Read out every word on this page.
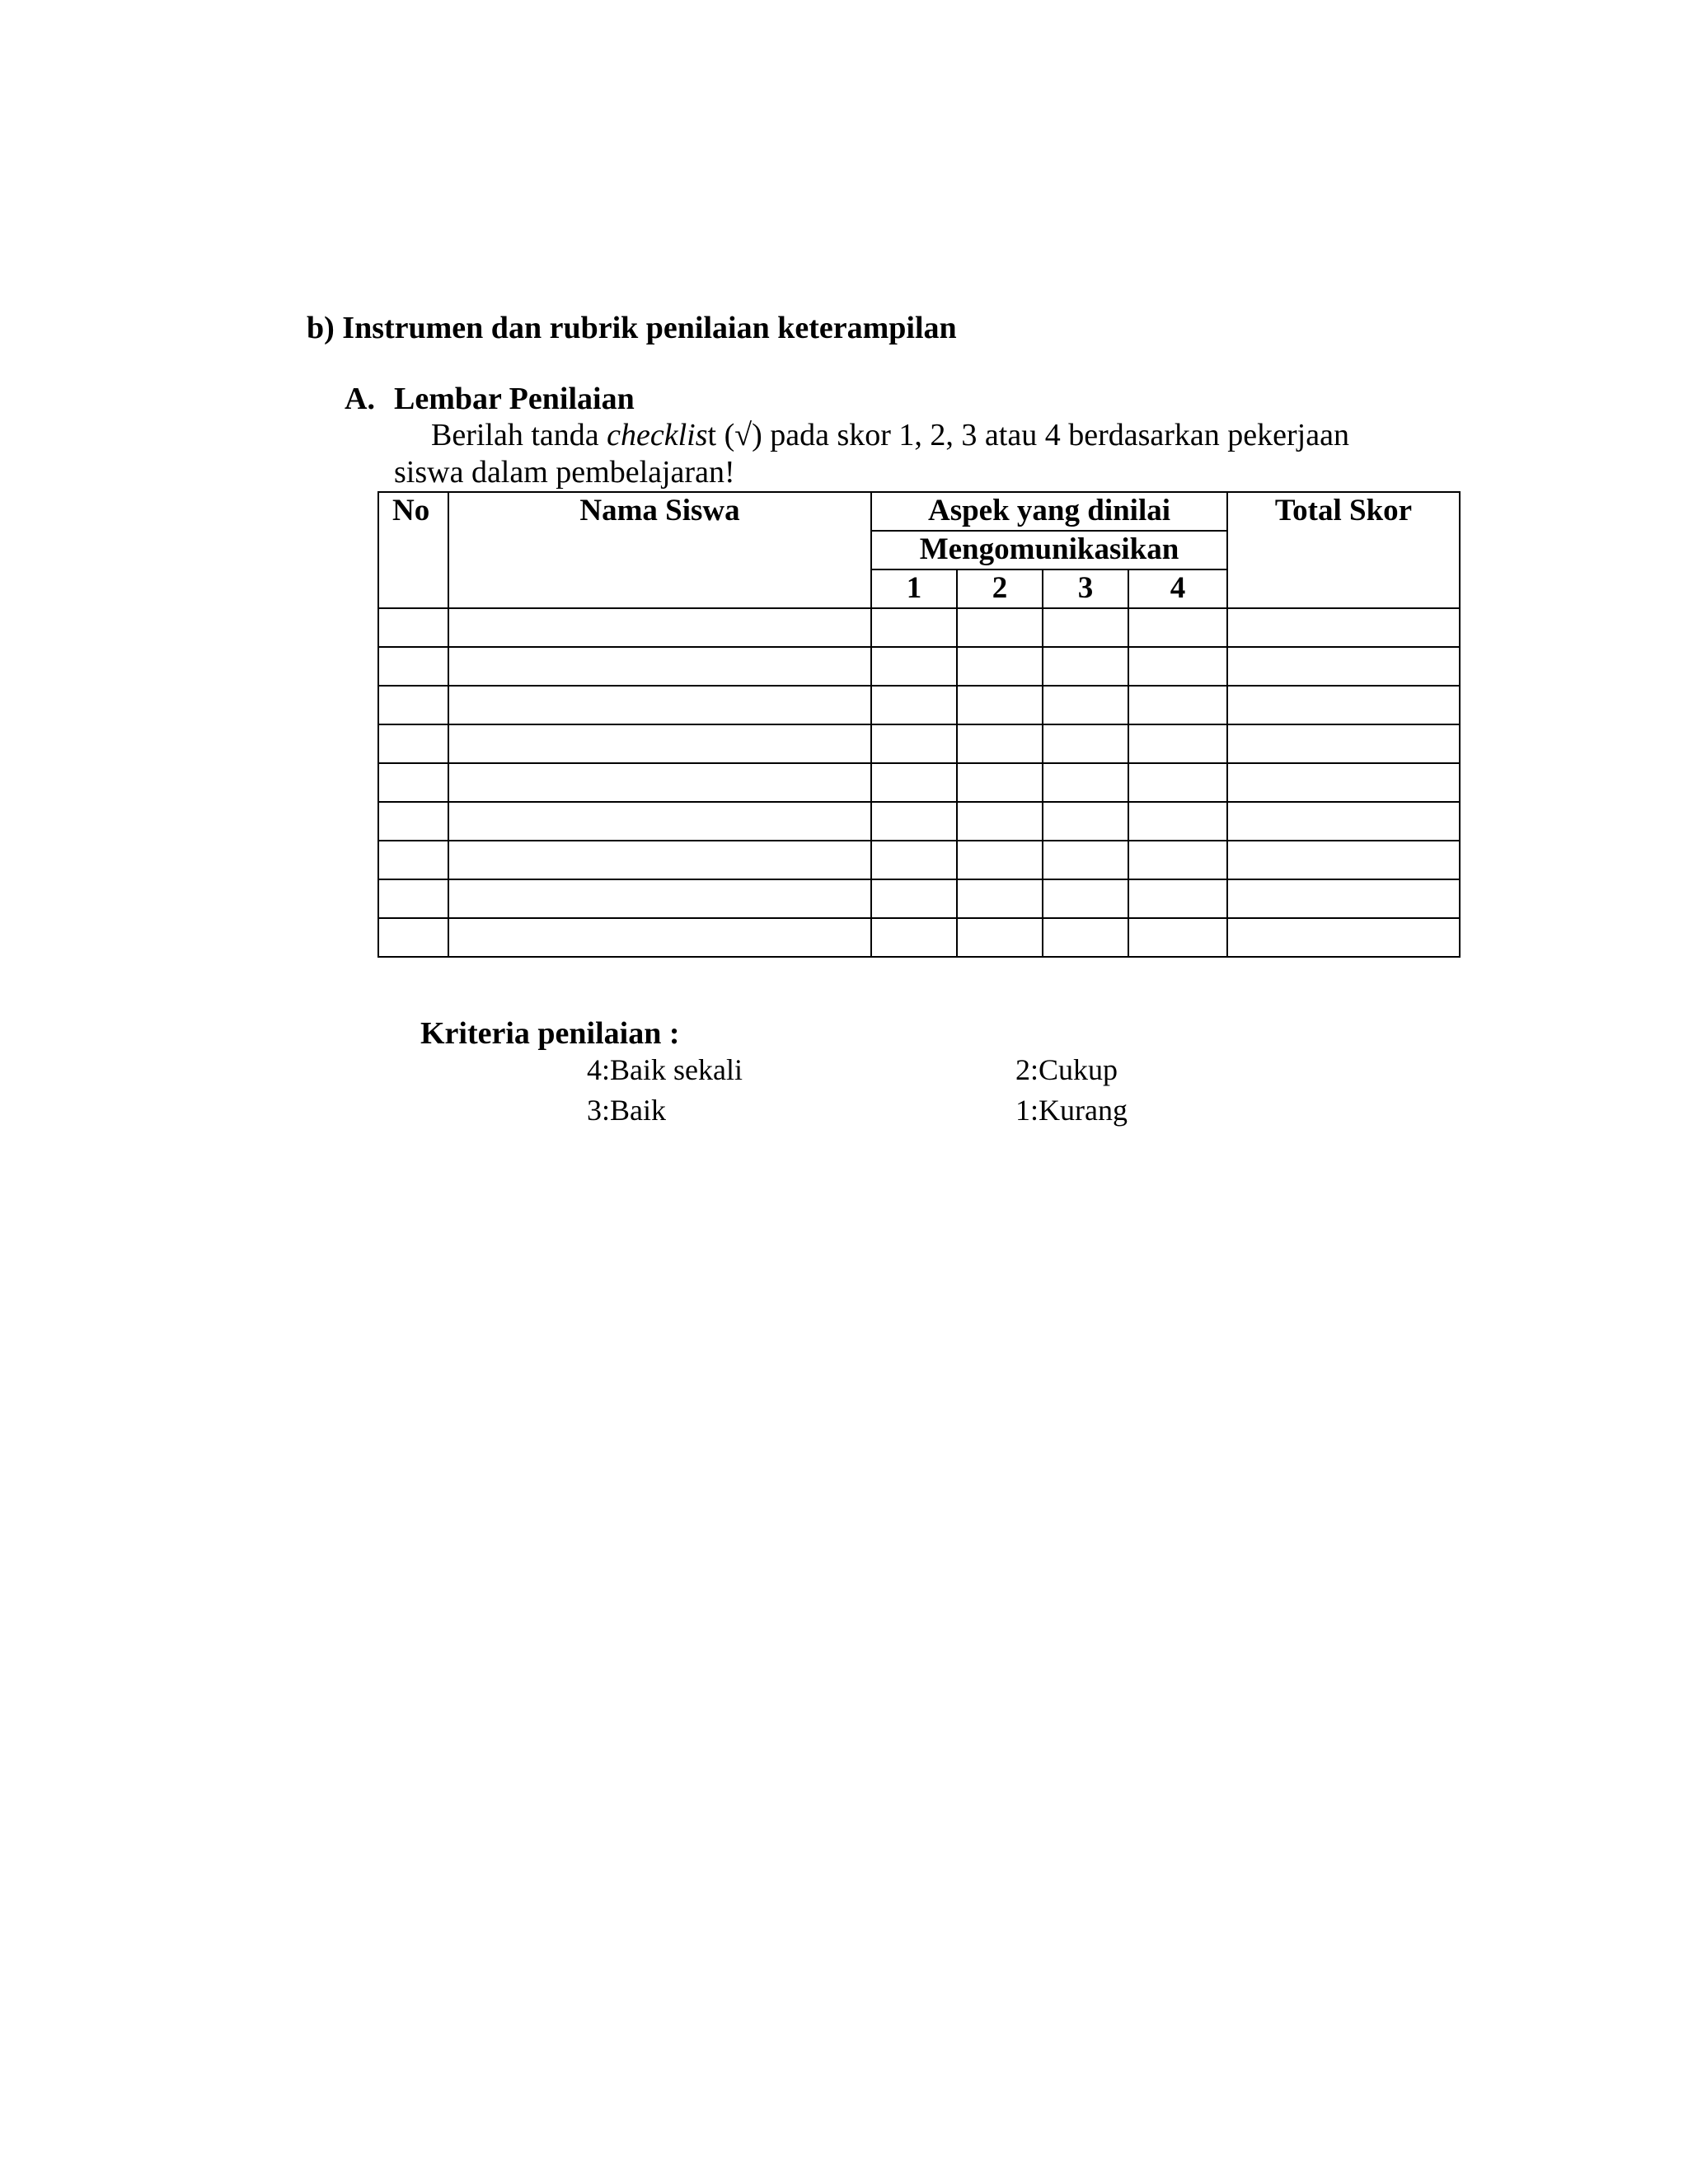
b) Instrumen dan rubrik penilaian keterampilan
A. Lembar Penilaian
Berilah tanda checklist (√) pada skor 1, 2, 3 atau 4 berdasarkan pekerjaan
siswa dalam pembelajaran!
No	Nama Siswa	Aspek yang dinilai				Total Skor
		Mengomunikasikan				
		1	2	3	4	

Kriteria penilaian :
4:Baik sekali	2:Cukup
3:Baik	1:Kurang
